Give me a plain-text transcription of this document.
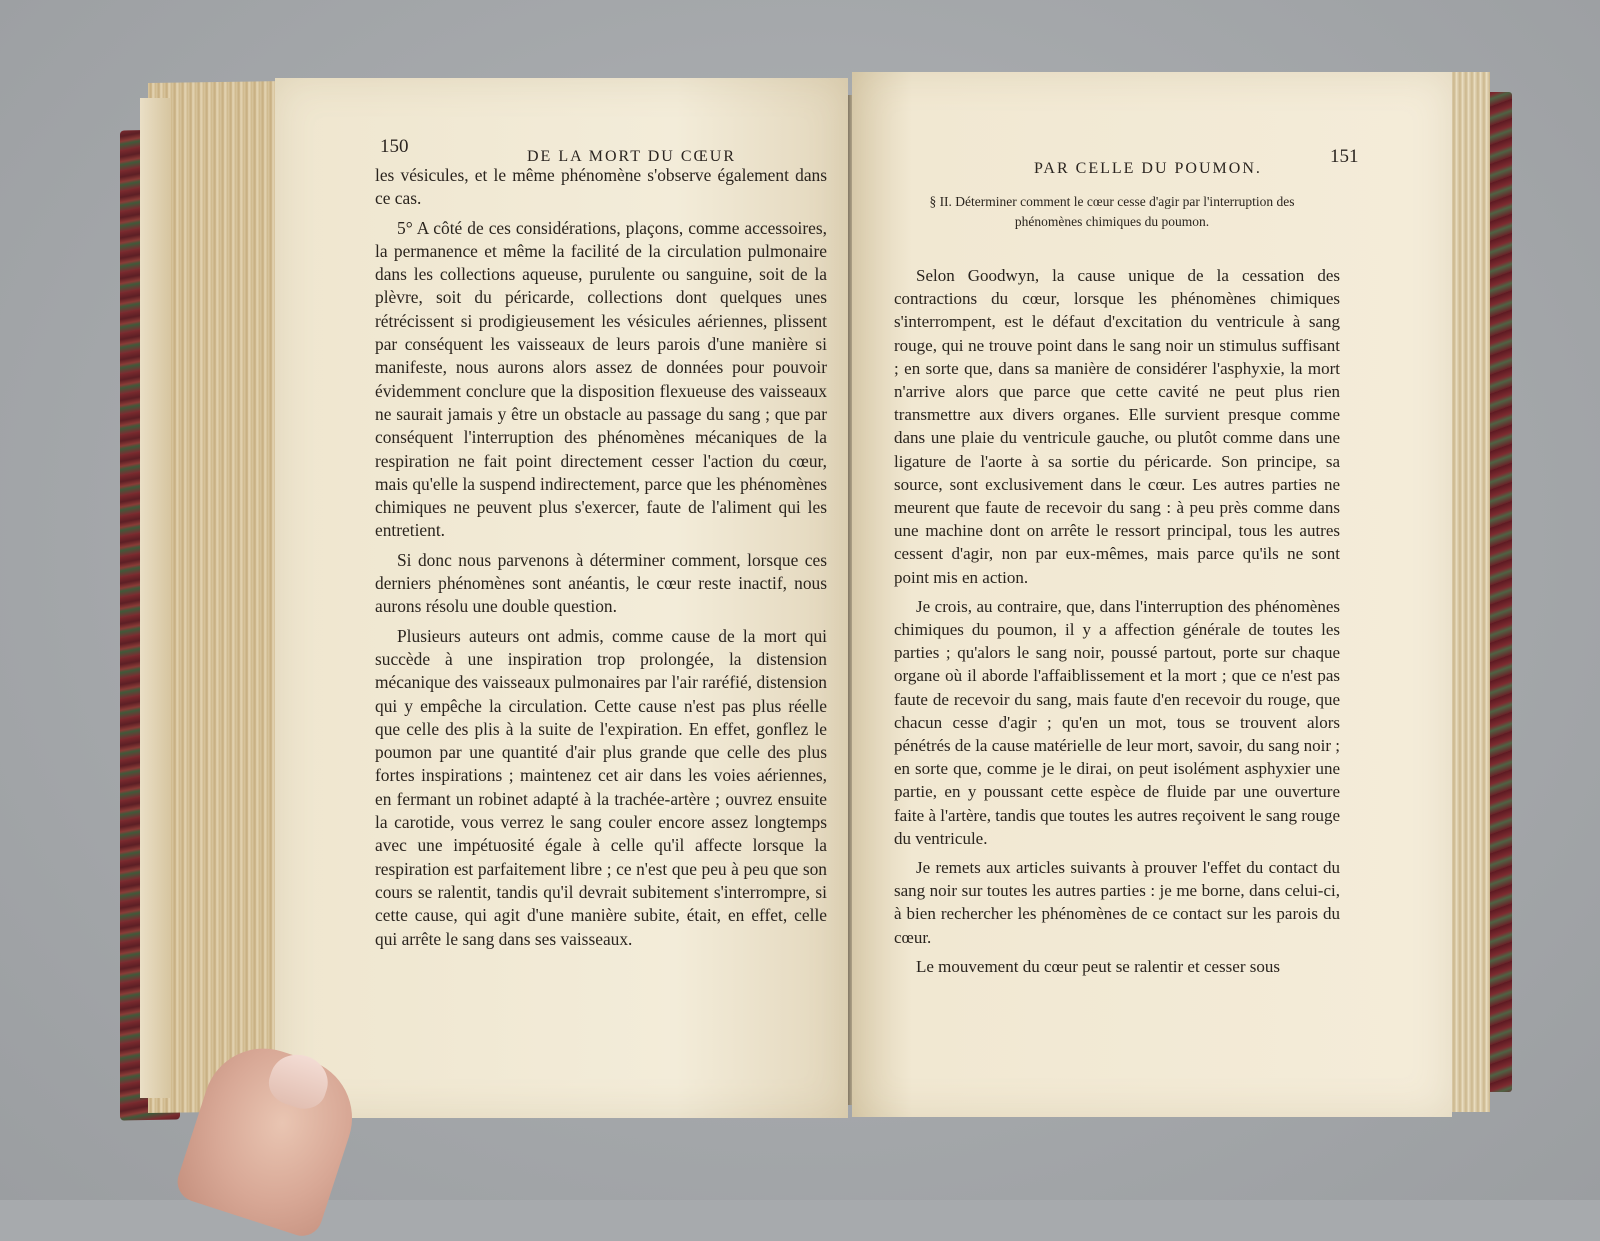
150	DE LA MORT DU CŒUR

les vésicules, et le même phénomène s'observe également dans ce cas.

5° A côté de ces considérations, plaçons, comme accessoires, la permanence et même la facilité de la circulation pulmonaire dans les collections aqueuse, purulente ou sanguine, soit de la plèvre, soit du péricarde, collections dont quelques unes rétrécissent si prodigieusement les vésicules aériennes, plissent par conséquent les vaisseaux de leurs parois d'une manière si manifeste, nous aurons alors assez de données pour pouvoir évidemment conclure que la disposition flexueuse des vaisseaux ne saurait jamais y être un obstacle au passage du sang ; que par conséquent l'interruption des phénomènes mécaniques de la respiration ne fait point directement cesser l'action du cœur, mais qu'elle la suspend indirectement, parce que les phénomènes chimiques ne peuvent plus s'exercer, faute de l'aliment qui les entretient.

Si donc nous parvenons à déterminer comment, lorsque ces derniers phénomènes sont anéantis, le cœur reste inactif, nous aurons résolu une double question.

Plusieurs auteurs ont admis, comme cause de la mort qui succède à une inspiration trop prolongée, la distension mécanique des vaisseaux pulmonaires par l'air raréfié, distension qui y empêche la circulation. Cette cause n'est pas plus réelle que celle des plis à la suite de l'expiration. En effet, gonflez le poumon par une quantité d'air plus grande que celle des plus fortes inspirations ; maintenez cet air dans les voies aériennes, en fermant un robinet adapté à la trachée-artère ; ouvrez ensuite la carotide, vous verrez le sang couler encore assez longtemps avec une impétuosité égale à celle qu'il affecte lorsque la respiration est parfaitement libre ; ce n'est que peu à peu que son cours se ralentit, tandis qu'il devrait subitement s'interrompre, si cette cause, qui agit d'une manière subite, était, en effet, celle qui arrête le sang dans ses vaisseaux.

PAR CELLE DU POUMON.
151
§ II. Déterminer comment le cœur cesse d'agir par l'interruption des phénomènes chimiques du poumon.

Selon Goodwyn, la cause unique de la cessation des contractions du cœur, lorsque les phénomènes chimiques s'interrompent, est le défaut d'excitation du ventricule à sang rouge, qui ne trouve point dans le sang noir un stimulus suffisant ; en sorte que, dans sa manière de considérer l'asphyxie, la mort n'arrive alors que parce que cette cavité ne peut plus rien transmettre aux divers organes. Elle survient presque comme dans une plaie du ventricule gauche, ou plutôt comme dans une ligature de l'aorte à sa sortie du péricarde. Son principe, sa source, sont exclusivement dans le cœur. Les autres parties ne meurent que faute de recevoir du sang : à peu près comme dans une machine dont on arrête le ressort principal, tous les autres cessent d'agir, non par eux-mêmes, mais parce qu'ils ne sont point mis en action.

Je crois, au contraire, que, dans l'interruption des phénomènes chimiques du poumon, il y a affection générale de toutes les parties ; qu'alors le sang noir, poussé partout, porte sur chaque organe où il aborde l'affaiblissement et la mort ; que ce n'est pas faute de recevoir du sang, mais faute d'en recevoir du rouge, que chacun cesse d'agir ; qu'en un mot, tous se trouvent alors pénétrés de la cause matérielle de leur mort, savoir, du sang noir ; en sorte que, comme je le dirai, on peut isolément asphyxier une partie, en y poussant cette espèce de fluide par une ouverture faite à l'artère, tandis que toutes les autres reçoivent le sang rouge du ventricule.

Je remets aux articles suivants à prouver l'effet du contact du sang noir sur toutes les autres parties : je me borne, dans celui-ci, à bien rechercher les phénomènes de ce contact sur les parois du cœur.

Le mouvement du cœur peut se ralentir et cesser sous
